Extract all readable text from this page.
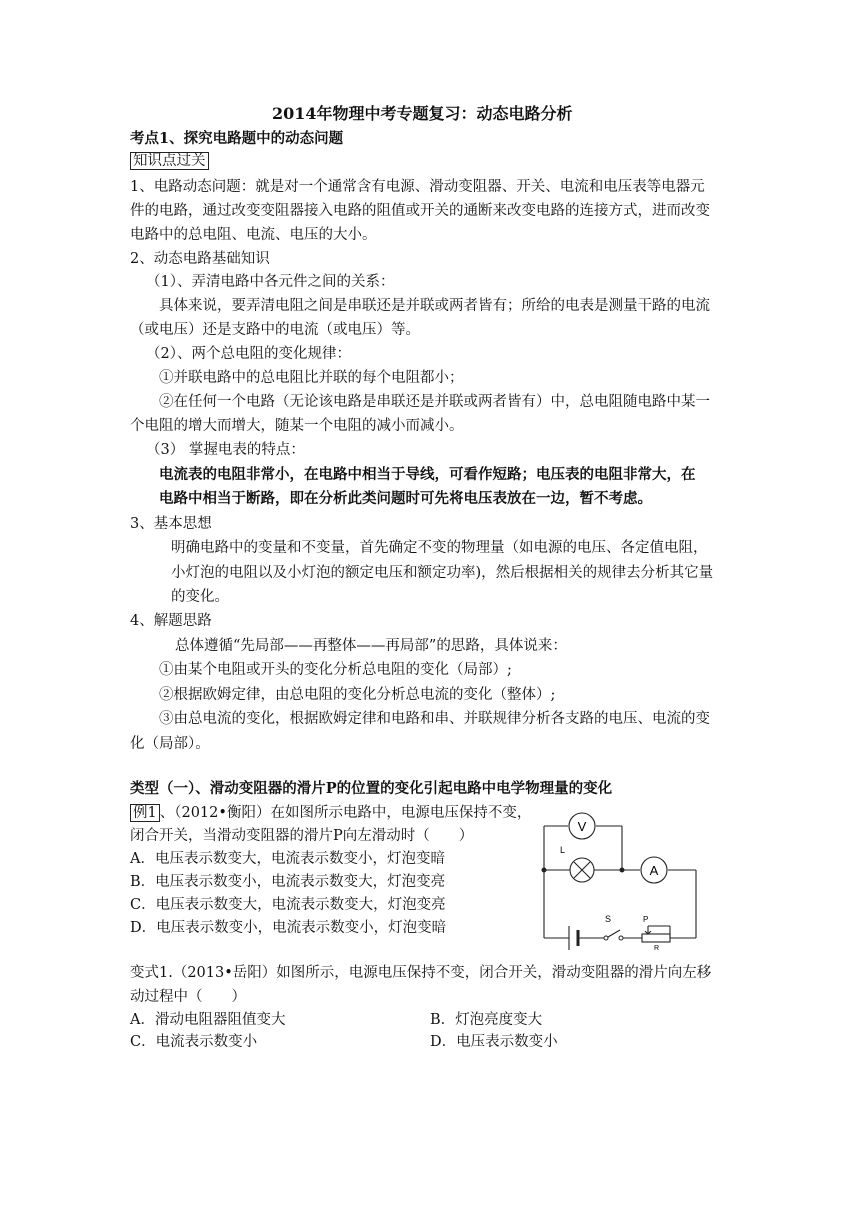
2014年物理中考专题复习：动态电路分析
考点1、探究电路题中的动态问题
知识点过关
1、电路动态问题：就是对一个通常含有电源、滑动变阻器、开关、电流和电压表等电器元
件的电路，通过改变变阻器接入电路的阻值或开关的通断来改变电路的连接方式，进而改变
电路中的总电阻、电流、电压的大小。
2、动态电路基础知识
（1）、弄清电路中各元件之间的关系：
具体来说，要弄清电阻之间是串联还是并联或两者皆有；所给的电表是测量干路的电流
（或电压）还是支路中的电流（或电压）等。
（2）、两个总电阻的变化规律：
①并联电路中的总电阻比并联的每个电阻都小；
②在任何一个电路（无论该电路是串联还是并联或两者皆有）中，总电阻随电路中某一
个电阻的增大而增大，随某一个电阻的减小而减小。
（3） 掌握电表的特点：
电流表的电阻非常小，在电路中相当于导线，可看作短路；电压表的电阻非常大，在
电路中相当于断路，即在分析此类问题时可先将电压表放在一边，暂不考虑。
3、基本思想
明确电路中的变量和不变量，首先确定不变的物理量（如电源的电压、各定值电阻，
小灯泡的电阻以及小灯泡的额定电压和额定功率)，然后根据相关的规律去分析其它量
的变化。
4、解题思路
总体遵循“先局部——再整体——再局部”的思路，具体说来：
①由某个电阻或开头的变化分析总电阻的变化（局部）;
②根据欧姆定律，由总电阻的变化分析总电流的变化（整体）;
③由总电流的变化，根据欧姆定律和电路和串、并联规律分析各支路的电压、电流的变
化（局部）。
类型（一）、滑动变阻器的滑片P的位置的变化引起电路中电学物理量的变化
例1 、（2012•衡阳）在如图所示电路中，电源电压保持不变，
闭合开关，当滑动变阻器的滑片P向左滑动时（　　）
A．电压表示数变大，电流表示数变小，灯泡变暗
B．电压表示数变小，电流表示数变大，灯泡变亮
C．电压表示数变大，电流表示数变大，灯泡变亮
D．电压表示数变小，电流表示数变小，灯泡变暗
V
A
L
S	P
R
变式1.（2013•岳阳）如图所示，电源电压保持不变，闭合开关，滑动变阻器的滑片向左移
动过程中（　　）
A．滑动电阻器阻值变大	B．灯泡亮度变大
C．电流表示数变小	D．电压表示数变小
